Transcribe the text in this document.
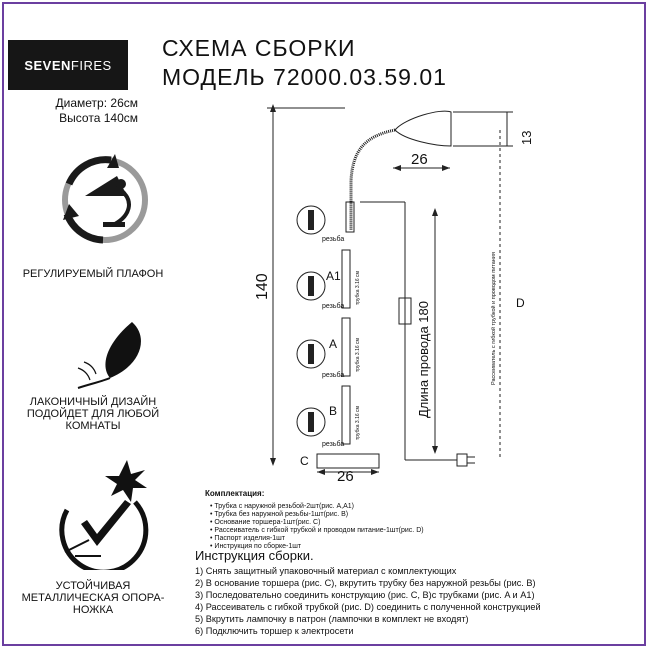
SEVEN FIRES
Диаметр: 26см
Высота 140см
СХЕМА СБОРКИ
МОДЕЛЬ 72000.03.59.01
РЕГУЛИРУЕМЫЙ ПЛАФОН
ЛАКОНИЧНЫЙ ДИЗАЙН ПОДОЙДЕТ ДЛЯ ЛЮБОЙ КОМНАТЫ
УСТОЙЧИВАЯ МЕТАЛЛИЧЕСКАЯ ОПОРА-НОЖКА
140
26
13
26
Длина провода 180	D
A1
A
B
C
резьба
резьба
резьба
резьба
трубка 3.16 см
трубка 3.16 см
трубка 3.16 см
Рассеиватель с гибкой трубкой и проводом питания
Комплектация:
• Трубка с наружной резьбой-2шт(рис. A,A1)
• Трубка без наружной резьбы-1шт(рис. B)
• Основание торшера-1шт(рис. C)
• Рассеиватель с гибкой трубкой и проводом питание-1шт(рис. D)
• Паспорт изделия-1шт
• Инструкция по сборке-1шт
Инструкция сборки.
1) Снять защитный упаковочный материал с комплектующих
2) В основание торшера (рис. C), вкрутить трубку без наружной резьбы (рис. B)
3) Последовательно соединить конструкцию (рис. C, B)с трубками (рис. A и A1)
4) Рассеиватель с гибкой трубкой (рис. D) соединить с полученной конструкцией
5) Вкрутить лампочку в патрон (лампочки в комплект не входят)
6) Подключить торшер к электросети
